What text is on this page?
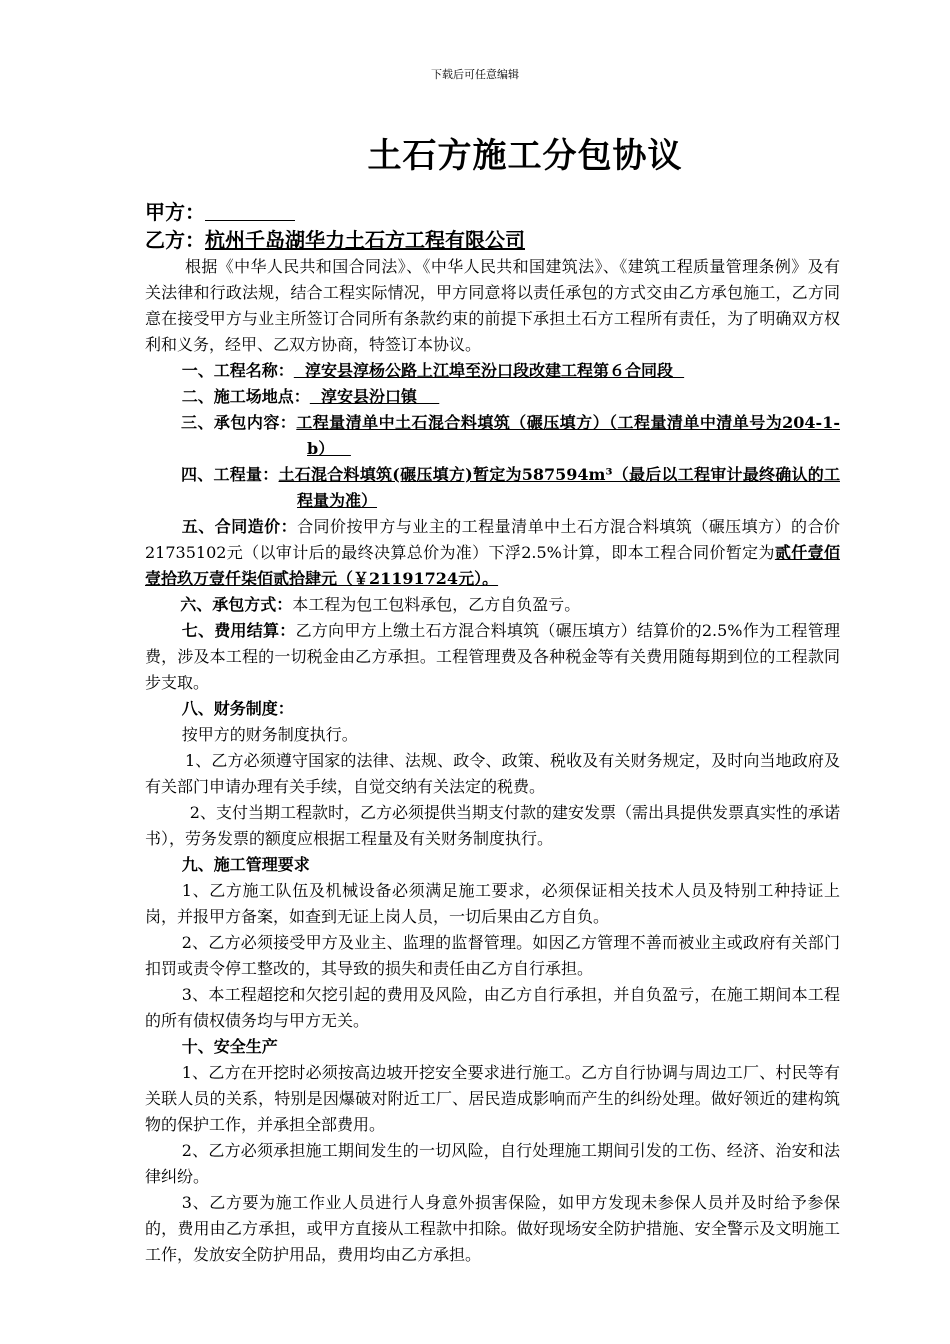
下载后可任意编辑
土石方施工分包协议
甲方：
乙方：杭州千岛湖华力土石方工程有限公司

根据《中华人民共和国合同法》、《中华人民共和国建筑法》、《建筑工程质量管理条例》及有关法律和行政法规，结合工程实际情况，甲方同意将以责任承包的方式交由乙方承包施工，乙方同意在接受甲方与业主所签订合同所有条款约束的前提下承担土石方工程所有责任，为了明确双方权利和义务，经甲、乙双方协商，特签订本协议。

一、工程名称：  淳安县淳杨公路上江埠至汾口段改建工程第６合同段

二、施工场地点：  淳安县汾口镇

三、承包内容：工程量清单中土石混合料填筑（碾压填方）（工程量清单中清单号为204-1-b）

四、工程量：土石混合料填筑(碾压填方)暂定为587594m³（最后以工程审计最终确认的工程量为准）

五、合同造价：合同价按甲方与业主的工程量清单中土石方混合料填筑（碾压填方）的合价21735102元（以审计后的最终决算总价为准）下浮2.5%计算，即本工程合同价暂定为贰仟壹佰壹拾玖万壹仟柒佰贰拾肆元（￥21191724元）。

六、承包方式：本工程为包工包料承包，乙方自负盈亏。

七、费用结算：乙方向甲方上缴土石方混合料填筑（碾压填方）结算价的2.5%作为工程管理费，涉及本工程的一切税金由乙方承担。工程管理费及各种税金等有关费用随每期到位的工程款同步支取。

八、财务制度：

按甲方的财务制度执行。

1、乙方必须遵守国家的法律、法规、政令、政策、税收及有关财务规定，及时向当地政府及有关部门申请办理有关手续，自觉交纳有关法定的税费。

2、支付当期工程款时，乙方必须提供当期支付款的建安发票（需出具提供发票真实性的承诺书），劳务发票的额度应根据工程量及有关财务制度执行。

九、施工管理要求

1、乙方施工队伍及机械设备必须满足施工要求，必须保证相关技术人员及特别工种持证上岗，并报甲方备案，如查到无证上岗人员，一切后果由乙方自负。

2、乙方必须接受甲方及业主、监理的监督管理。如因乙方管理不善而被业主或政府有关部门扣罚或责令停工整改的，其导致的损失和责任由乙方自行承担。

3、本工程超挖和欠挖引起的费用及风险，由乙方自行承担，并自负盈亏，在施工期间本工程的所有债权债务均与甲方无关。

十、安全生产

1、乙方在开挖时必须按高边坡开挖安全要求进行施工。乙方自行协调与周边工厂、村民等有关联人员的关系，特别是因爆破对附近工厂、居民造成影响而产生的纠纷处理。做好领近的建构筑物的保护工作，并承担全部费用。

2、乙方必须承担施工期间发生的一切风险，自行处理施工期间引发的工伤、经济、治安和法律纠纷。

3、乙方要为施工作业人员进行人身意外损害保险，如甲方发现未参保人员并及时给予参保的，费用由乙方承担，或甲方直接从工程款中扣除。做好现场安全防护措施、安全警示及文明施工工作，发放安全防护用品，费用均由乙方承担。
